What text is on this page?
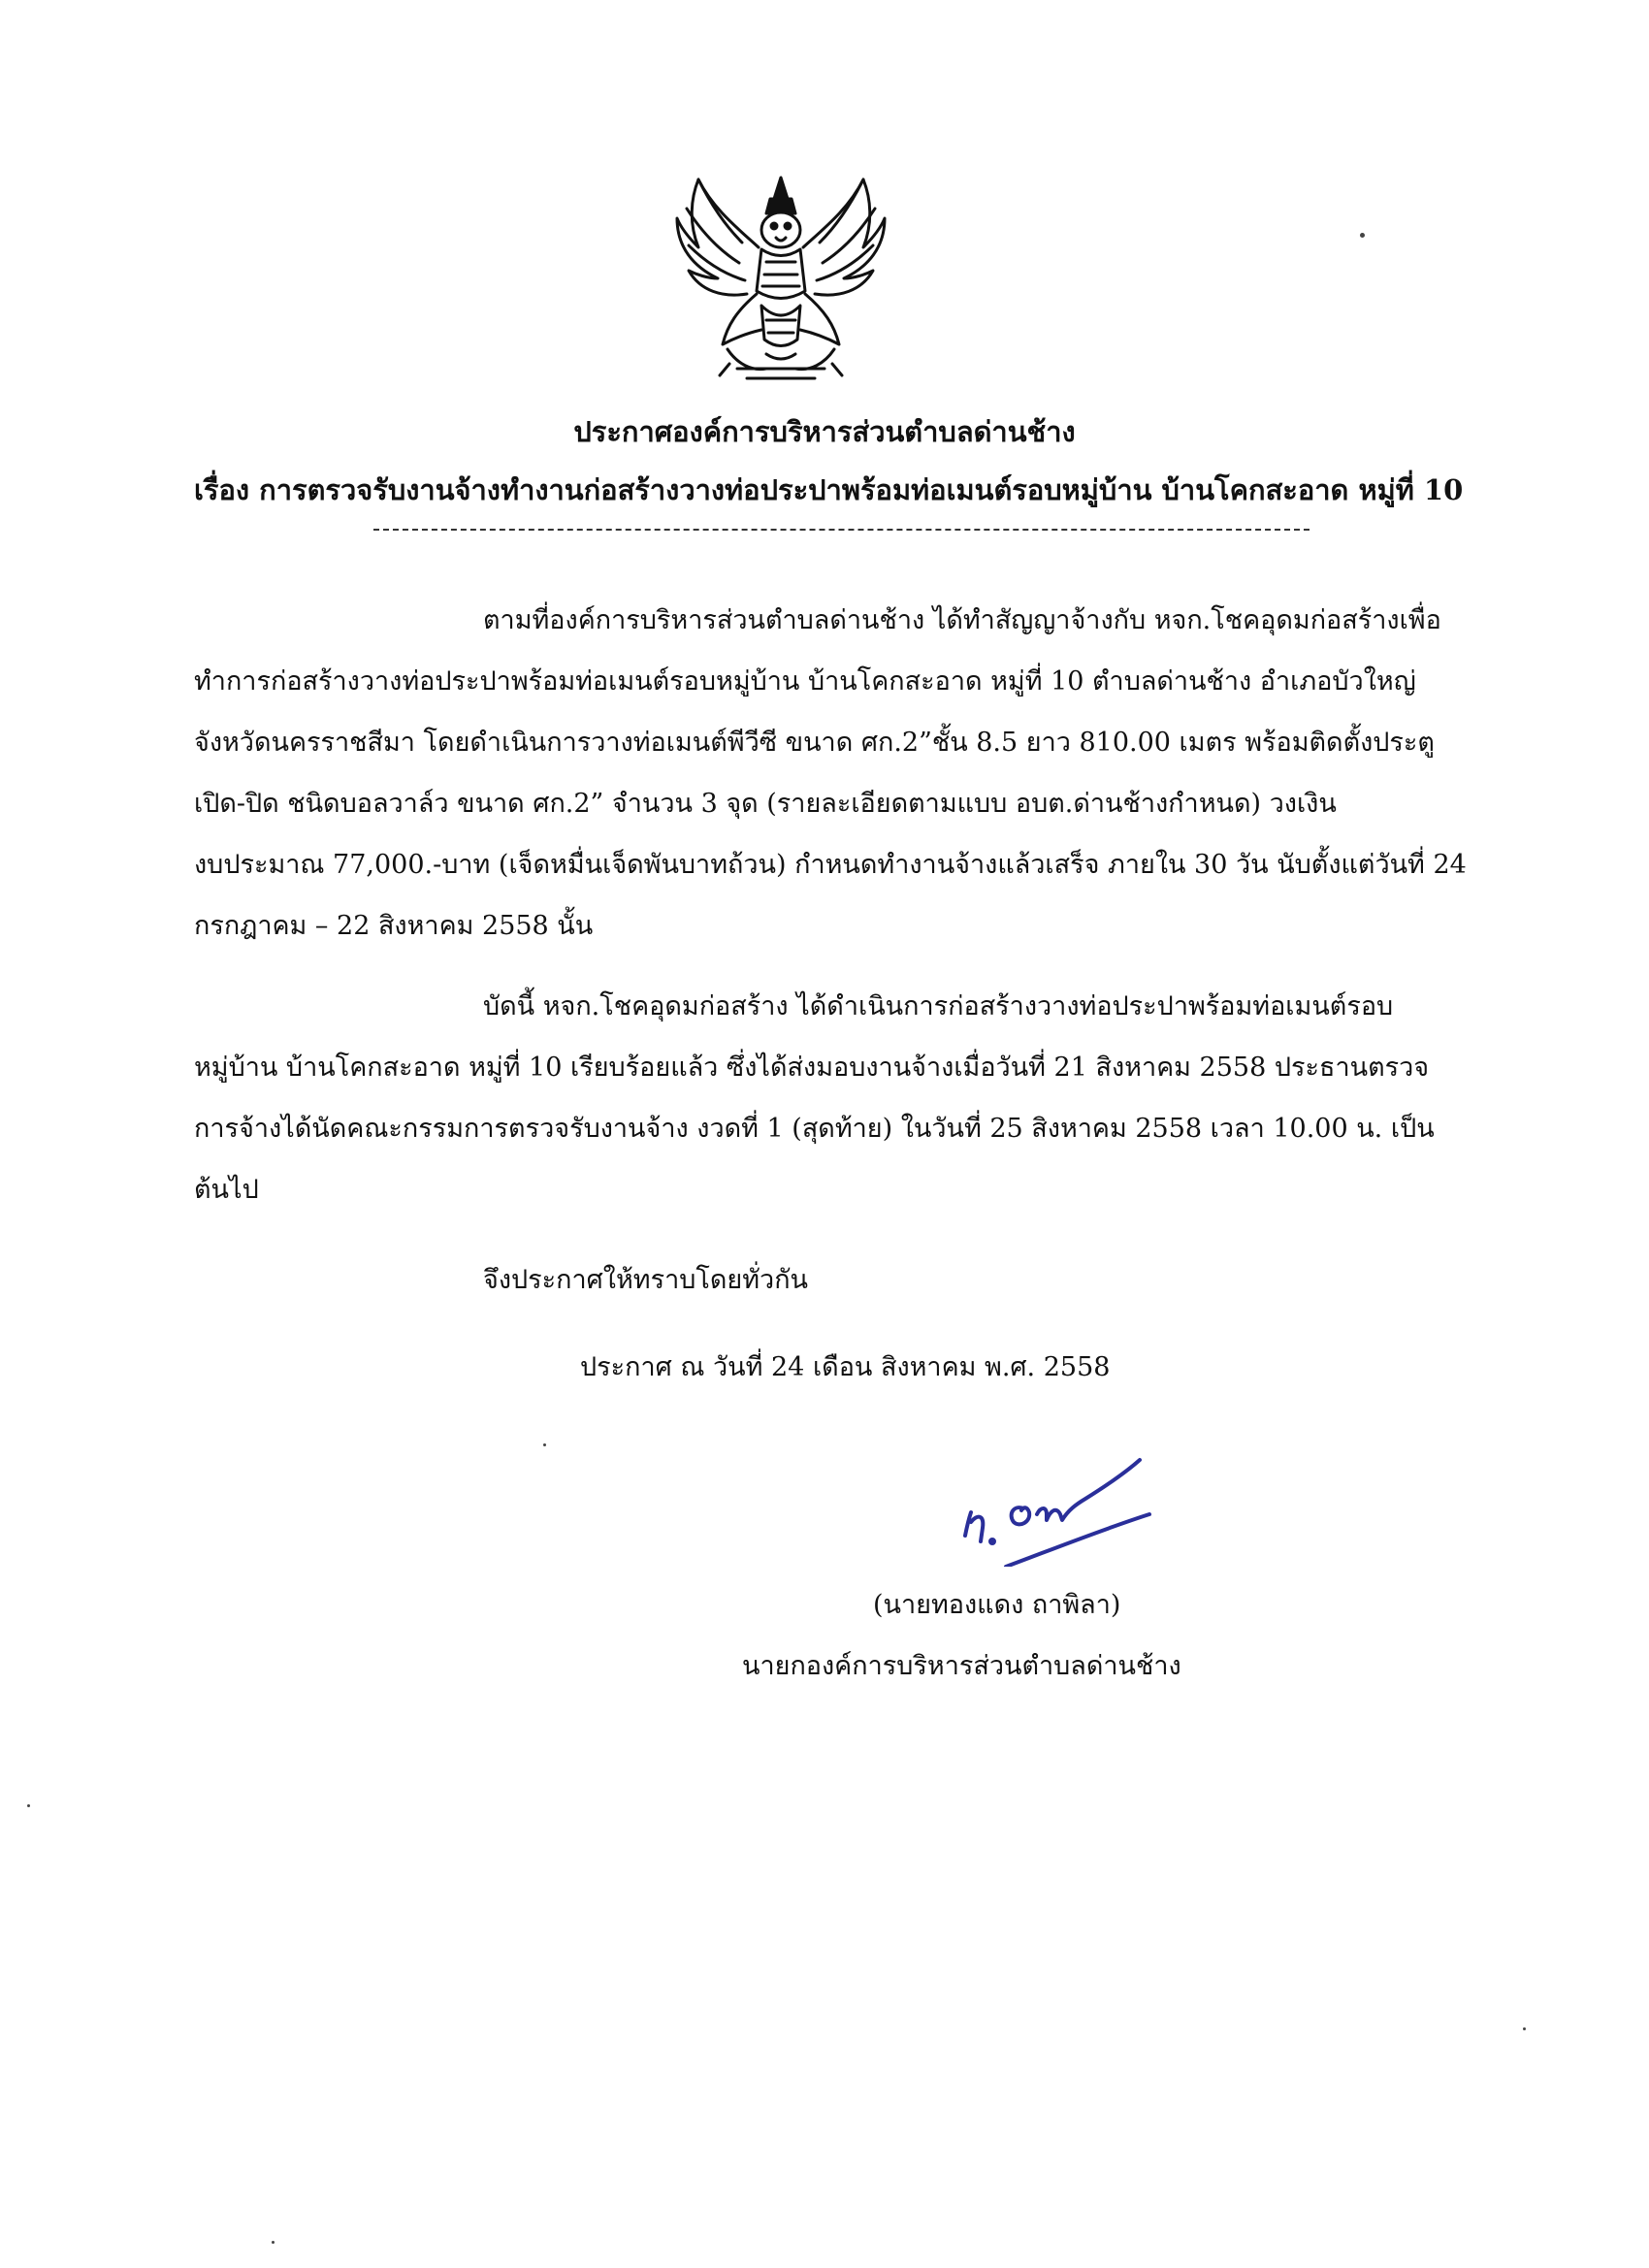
ประกาศองค์การบริหารส่วนตำบลด่านช้าง
เรื่อง การตรวจรับงานจ้างทำงานก่อสร้างวางท่อประปาพร้อมท่อเมนต์รอบหมู่บ้าน บ้านโคกสะอาด หมู่ที่ 10
ตามที่องค์การบริหารส่วนตำบลด่านช้าง ได้ทำสัญญาจ้างกับ หจก.โชคอุดมก่อสร้างเพื่อ
ทำการก่อสร้างวางท่อประปาพร้อมท่อเมนต์รอบหมู่บ้าน บ้านโคกสะอาด หมู่ที่ 10 ตำบลด่านช้าง อำเภอบัวใหญ่
จังหวัดนครราชสีมา โดยดำเนินการวางท่อเมนต์พีวีซี ขนาด ศก.2”ชั้น 8.5 ยาว 810.00 เมตร พร้อมติดตั้งประตู
เปิด-ปิด ชนิดบอลวาล์ว ขนาด ศก.2” จำนวน 3 จุด (รายละเอียดตามแบบ อบต.ด่านช้างกำหนด) วงเงิน
งบประมาณ 77,000.-บาท (เจ็ดหมื่นเจ็ดพันบาทถ้วน) กำหนดทำงานจ้างแล้วเสร็จ ภายใน 30 วัน นับตั้งแต่วันที่ 24
กรกฎาคม – 22 สิงหาคม 2558 นั้น
บัดนี้ หจก.โชคอุดมก่อสร้าง ได้ดำเนินการก่อสร้างวางท่อประปาพร้อมท่อเมนต์รอบ
หมู่บ้าน บ้านโคกสะอาด หมู่ที่ 10 เรียบร้อยแล้ว ซึ่งได้ส่งมอบงานจ้างเมื่อวันที่ 21 สิงหาคม 2558 ประธานตรวจ
การจ้างได้นัดคณะกรรมการตรวจรับงานจ้าง งวดที่ 1 (สุดท้าย) ในวันที่ 25 สิงหาคม 2558 เวลา 10.00 น. เป็น
ต้นไป
จึงประกาศให้ทราบโดยทั่วกัน
ประกาศ ณ วันที่ 24 เดือน สิงหาคม พ.ศ. 2558
(นายทองแดง ถาพิลา)
นายกองค์การบริหารส่วนตำบลด่านช้าง
